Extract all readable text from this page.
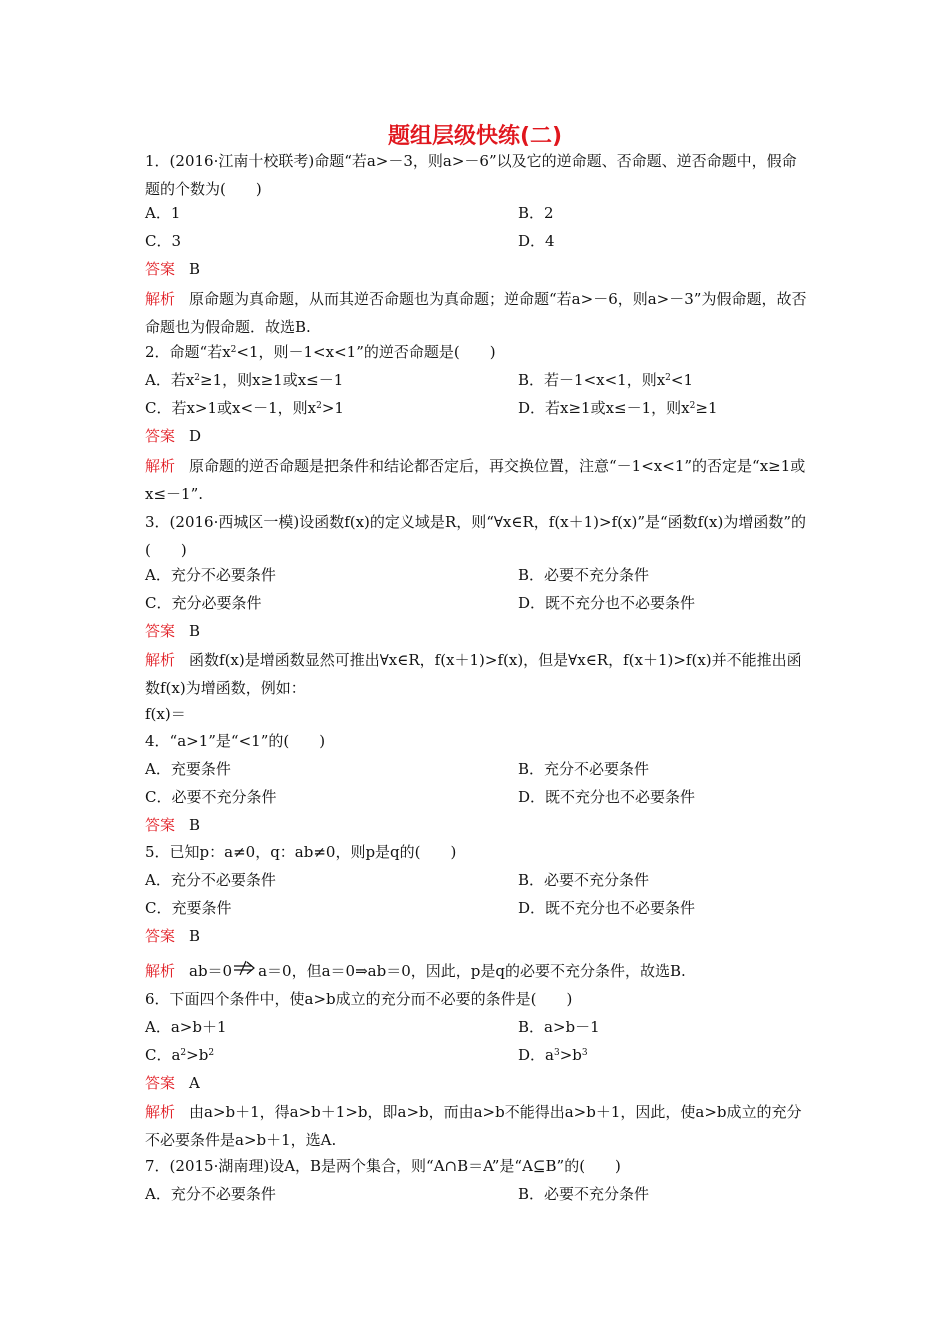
题组层级快练(二)
1．(2016·江南十校联考)命题“若a>－3，则a>－6”以及它的逆命题、否命题、逆否命题中，假命题的个数为(　　)
A．1	B．2
C．3	D．4
答案 B
解析 原命题为真命题，从而其逆否命题也为真命题；逆命题“若a>－6，则a>－3”为假命题，故否命题也为假命题．故选B.
2．命题“若$x^2<1$，则－1<x<1”的逆否命题是(　　)
A．若$x^2\ge 1$，则x≥1或x≤－1	B．若－1<x<1，则$x^2<1$
C．若x>1或x<－1，则$x^2>1$	D．若x≥1或x≤－1，则$x^2\ge 1$
答案 D
解析 原命题的逆否命题是把条件和结论都否定后，再交换位置，注意“－1<x<1”的否定是“x≥1或x≤－1”.
3．(2016·西城区一模)设函数f(x)的定义域是R，则“∀x∈R，f(x＋1)>f(x)”是“函数f(x)为增函数”的(　　)
A．充分不必要条件	B．必要不充分条件
C．充分必要条件	D．既不充分也不必要条件
答案 B
解析 函数f(x)是增函数显然可推出∀x∈R，f(x＋1)>f(x)，但是∀x∈R，f(x＋1)>f(x)并不能推出函数f(x)为增函数，例如：
f(x)＝
4．“a>1”是“<1”的(　　)
A．充要条件	B．充分不必要条件
C．必要不充分条件	D．既不充分也不必要条件
答案 B
5．已知p：a≠0，q：ab≠0，则p是q的(　　)
A．充分不必要条件	B．必要不充分条件
C．充要条件	D．既不充分也不必要条件
答案 B
解析 ab＝0 a＝0，但a＝0⇒ab＝0，因此，p是q的必要不充分条件，故选B.
6．下面四个条件中，使a>b成立的充分而不必要的条件是(　　)
A．a>b＋1	B．a>b－1
C．$a^2>b^2$	D．$a^3>b^3$
答案 A
解析 由a>b＋1，得a>b＋1>b，即a>b，而由a>b不能得出a>b＋1，因此，使a>b成立的充分不必要条件是a>b＋1，选A.
7．(2015·湖南理)设A，B是两个集合，则“A∩B＝A”是“A⊆B”的(　　)
A．充分不必要条件	B．必要不充分条件
